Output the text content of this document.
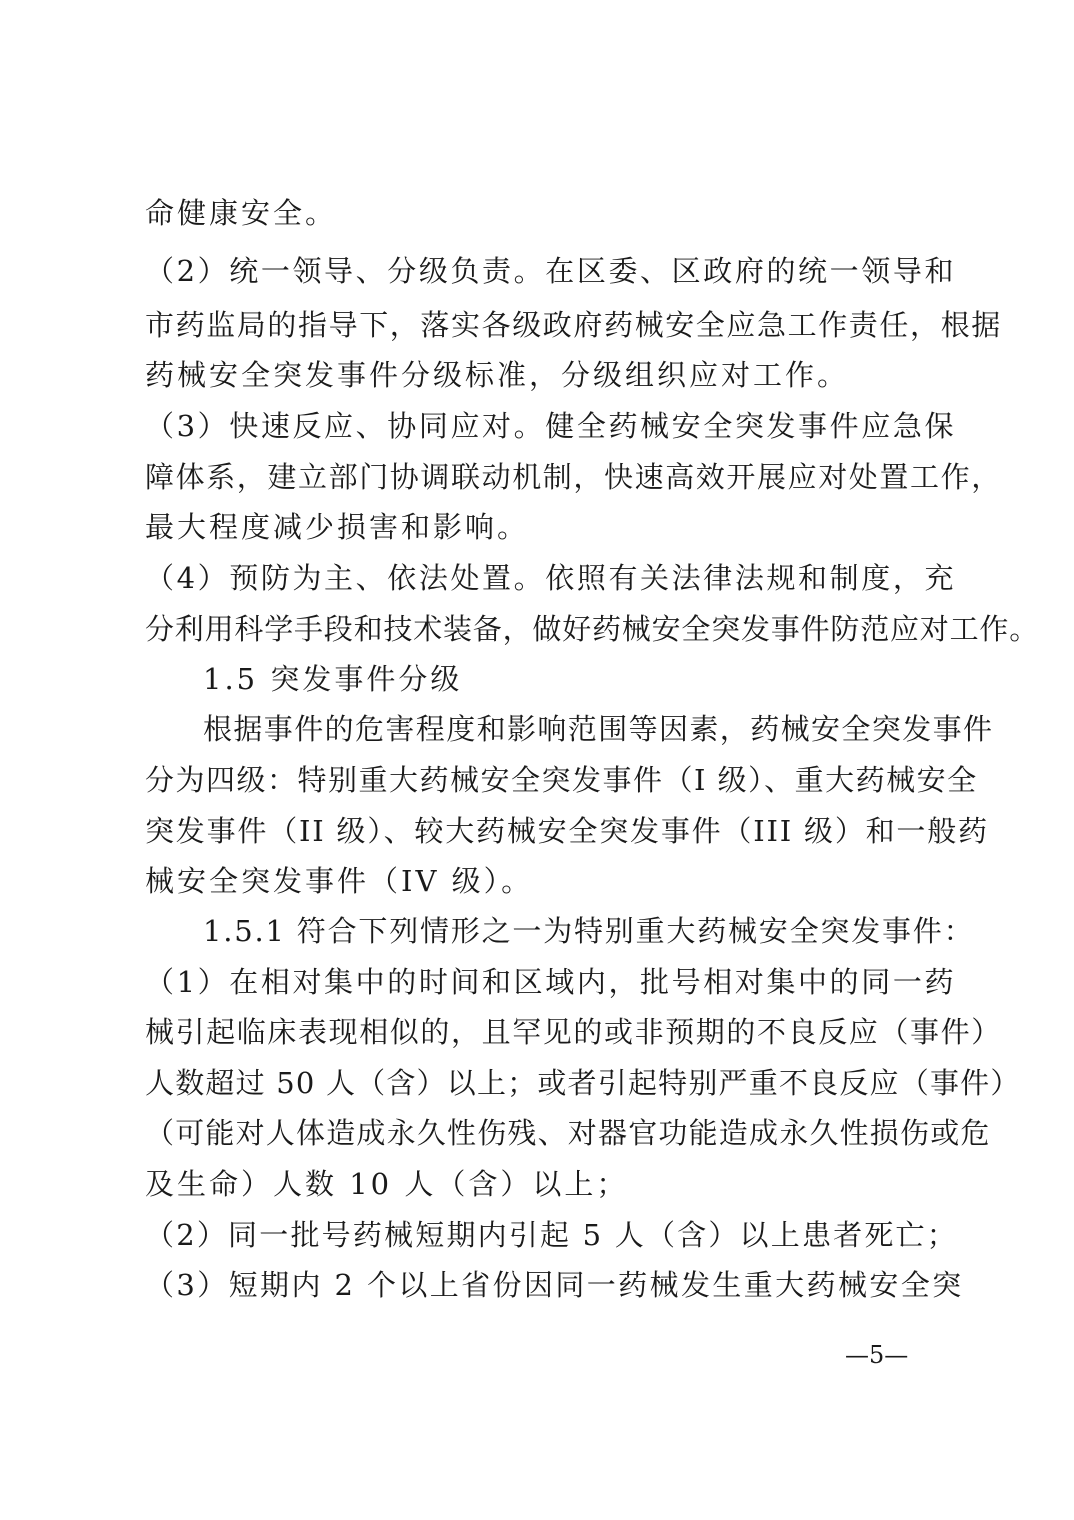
命健康安全。
（2）统一领导、分级负责。在区委、区政府的统一领导和
市药监局的指导下，落实各级政府药械安全应急工作责任，根据
药械安全突发事件分级标准，分级组织应对工作。
（3）快速反应、协同应对。健全药械安全突发事件应急保
障体系，建立部门协调联动机制，快速高效开展应对处置工作，
最大程度减少损害和影响。
（4）预防为主、依法处置。依照有关法律法规和制度，充
分利用科学手段和技术装备，做好药械安全突发事件防范应对工作。
1.5 突发事件分级
根据事件的危害程度和影响范围等因素，药械安全突发事件
分为四级：特别重大药械安全突发事件（I 级）、重大药械安全
突发事件（II 级）、较大药械安全突发事件（III 级）和一般药
械安全突发事件（IV 级）。
1.5.1 符合下列情形之一为特别重大药械安全突发事件：
（1）在相对集中的时间和区域内，批号相对集中的同一药
械引起临床表现相似的，且罕见的或非预期的不良反应（事件）
人数超过 50 人（含）以上；或者引起特别严重不良反应（事件）
（可能对人体造成永久性伤残、对器官功能造成永久性损伤或危
及生命）人数 10 人（含）以上；
（2）同一批号药械短期内引起 5 人（含）以上患者死亡；
（3）短期内 2 个以上省份因同一药械发生重大药械安全突
—5—
